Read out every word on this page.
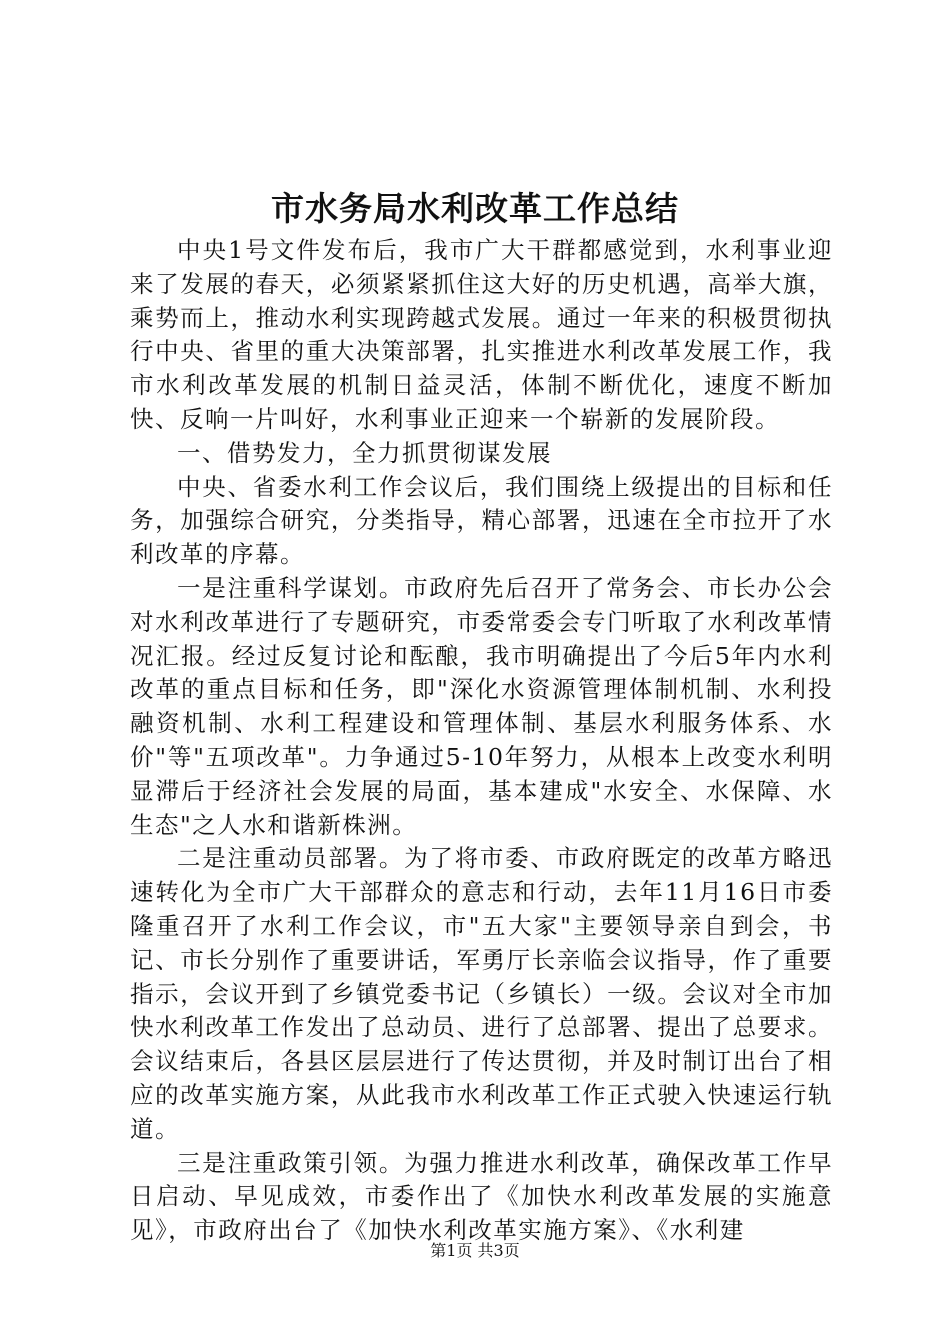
市水务局水利改革工作总结

中央1号文件发布后，我市广大干群都感觉到，水利事业迎来了发展的春天，必须紧紧抓住这大好的历史机遇，高举大旗，乘势而上，推动水利实现跨越式发展。通过一年来的积极贯彻执行中央、省里的重大决策部署，扎实推进水利改革发展工作，我市水利改革发展的机制日益灵活，体制不断优化，速度不断加快、反响一片叫好，水利事业正迎来一个崭新的发展阶段。

一、借势发力，全力抓贯彻谋发展

中央、省委水利工作会议后，我们围绕上级提出的目标和任务，加强综合研究，分类指导，精心部署，迅速在全市拉开了水利改革的序幕。

一是注重科学谋划。市政府先后召开了常务会、市长办公会对水利改革进行了专题研究，市委常委会专门听取了水利改革情况汇报。经过反复讨论和酝酿，我市明确提出了今后5年内水利改革的重点目标和任务，即"深化水资源管理体制机制、水利投融资机制、水利工程建设和管理体制、基层水利服务体系、水价"等"五项改革"。力争通过5-10年努力，从根本上改变水利明显滞后于经济社会发展的局面，基本建成"水安全、水保障、水生态"之人水和谐新株洲。

二是注重动员部署。为了将市委、市政府既定的改革方略迅速转化为全市广大干部群众的意志和行动，去年11月16日市委隆重召开了水利工作会议，市"五大家"主要领导亲自到会，书记、市长分别作了重要讲话，军勇厅长亲临会议指导，作了重要指示，会议开到了乡镇党委书记（乡镇长）一级。会议对全市加快水利改革工作发出了总动员、进行了总部署、提出了总要求。会议结束后，各县区层层进行了传达贯彻，并及时制订出台了相应的改革实施方案，从此我市水利改革工作正式驶入快速运行轨道。

三是注重政策引领。为强力推进水利改革，确保改革工作早日启动、早见成效，市委作出了《加快水利改革发展的实施意见》，市政府出台了《加快水利改革实施方案》、《水利建

第1页 共3页
